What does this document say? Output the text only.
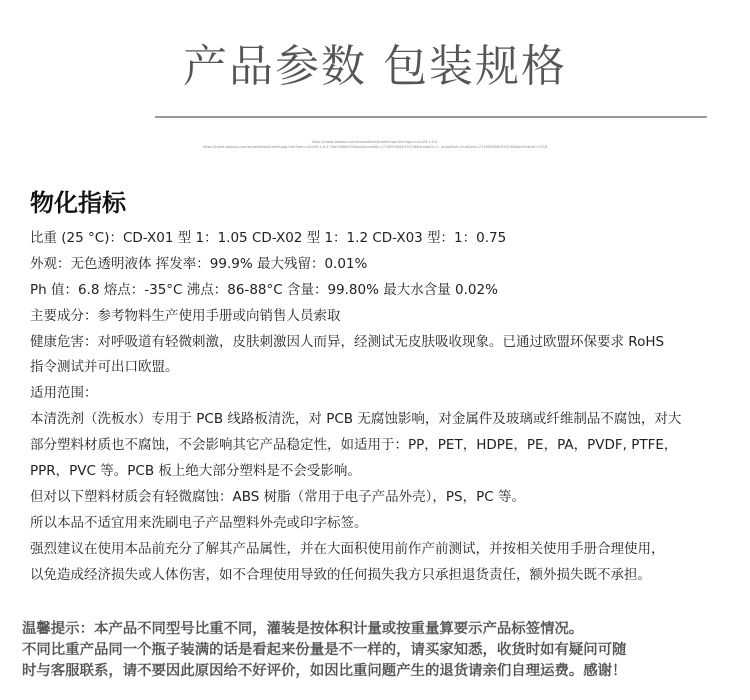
产品参数 包装规格
https://trade.taobao.com/trade/detail/tradeSnap.htm?spm=a1z09.1.0.0.
https://trade.taobao.com/trade/detail/tradeSnap.htm?spm=a1z09.1.0.0.70b2568b9504bq0&tradeID=2718954661974238&tradeID=1...snapShot=true&sm=2718954661974238&bizOrderId=2718
物化指标
比重 (25 °C)：CD-X01 型 1：1.05 CD-X02 型 1：1.2 CD-X03 型：1：0.75
外观：无色透明液体 挥发率：99.9% 最大残留：0.01%
Ph 值：6.8 熔点：-35°C 沸点：86-88°C 含量：99.80% 最大水含量 0.02%
主要成分：参考物料生产使用手册或向销售人员索取
健康危害：对呼吸道有轻微刺激，皮肤刺激因人而异，经测试无皮肤吸收现象。已通过欧盟环保要求 RoHS
指令测试并可出口欧盟。
适用范围：
本清洗剂（洗板水）专用于 PCB 线路板清洗，对 PCB 无腐蚀影响，对金属件及玻璃或纤维制品不腐蚀，对大
部分塑料材质也不腐蚀，不会影响其它产品稳定性，如适用于：PP，PET，HDPE，PE，PA，PVDF, PTFE，
PPR，PVC 等。PCB 板上绝大部分塑料是不会受影响。
但对以下塑料材质会有轻微腐蚀：ABS 树脂（常用于电子产品外壳），PS，PC 等。
所以本品不适宜用来洗刷电子产品塑料外壳或印字标签。
强烈建议在使用本品前充分了解其产品属性，并在大面积使用前作产前测试，并按相关使用手册合理使用，
以免造成经济损失或人体伤害，如不合理使用导致的任何损失我方只承担退货责任，额外损失既不承担。
温馨提示：本产品不同型号比重不同，灌装是按体积计量或按重量算要示产品标签情况。
不同比重产品同一个瓶子装满的话是看起来份量是不一样的，请买家知悉，收货时如有疑问可随
时与客服联系，请不要因此原因给不好评价，如因比重问题产生的退货请亲们自理运费。感谢！
